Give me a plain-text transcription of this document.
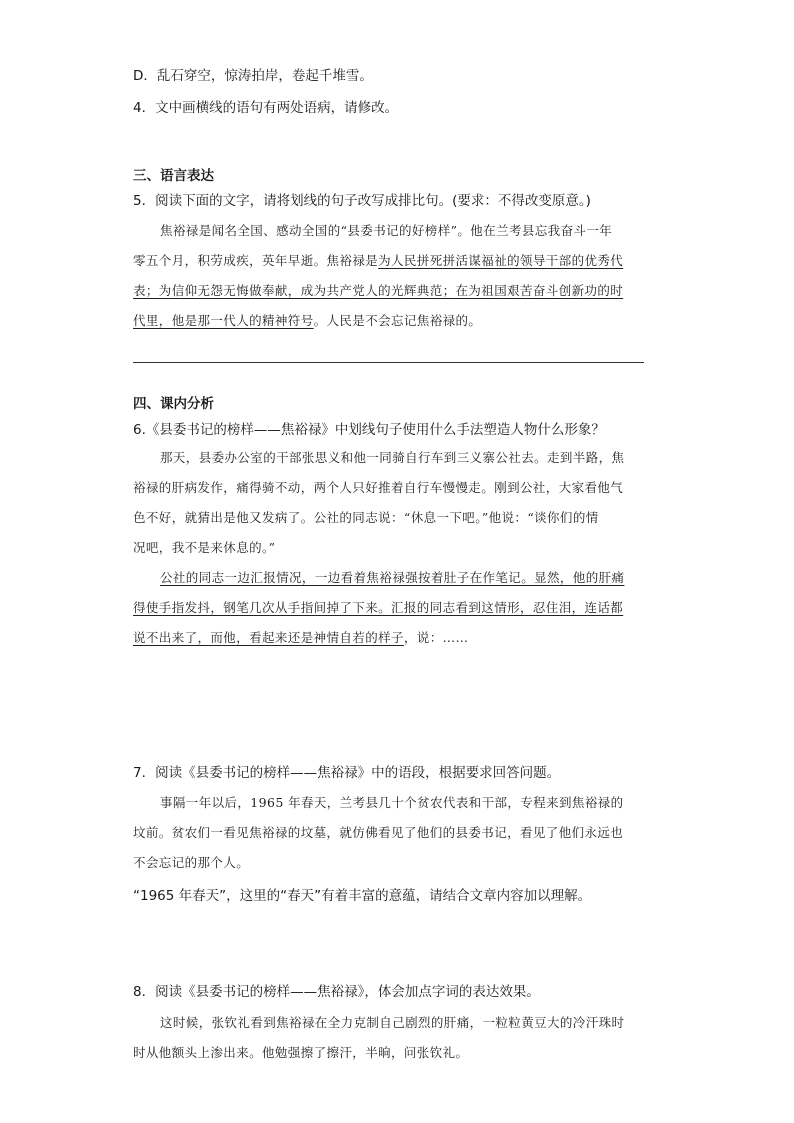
D．乱石穿空，惊涛拍岸，卷起千堆雪。
4．文中画横线的语句有两处语病，请修改。
三、语言表达
5．阅读下面的文字，请将划线的句子改写成排比句。(要求：不得改变原意。)

焦裕禄是闻名全国、感动全国的“县委书记的好榜样”。他在兰考县忘我奋斗一年

零五个月，积劳成疾，英年早逝。焦裕禄是为人民拼死拼活谋福祉的领导干部的优秀代

表；为信仰无怨无悔做奉献，成为共产党人的光辉典范；在为祖国艰苦奋斗创新功的时

代里，他是那一代人的精神符号。人民是不会忘记焦裕禄的。

四、课内分析
6.《县委书记的榜样——焦裕禄》中划线句子使用什么手法塑造人物什么形象？

那天，县委办公室的干部张思义和他一同骑自行车到三义寨公社去。走到半路，焦

裕禄的肝病发作，痛得骑不动，两个人只好推着自行车慢慢走。刚到公社，大家看他气

色不好，就猜出是他又发病了。公社的同志说：“休息一下吧。”他说：“谈你们的情

况吧，我不是来休息的。”

公社的同志一边汇报情况，一边看着焦裕禄强按着肚子在作笔记。显然，他的肝痛

得使手指发抖，钢笔几次从手指间掉了下来。汇报的同志看到这情形，忍住泪，连话都

说不出来了，而他，看起来还是神情自若的样子，说：……

7．阅读《县委书记的榜样——焦裕禄》中的语段，根据要求回答问题。

事隔一年以后，1965 年春天，兰考县几十个贫农代表和干部，专程来到焦裕禄的

坟前。贫农们一看见焦裕禄的坟墓，就仿佛看见了他们的县委书记，看见了他们永远也

不会忘记的那个人。

“1965 年春天”，这里的“春天”有着丰富的意蕴，请结合文章内容加以理解。
8．阅读《县委书记的榜样——焦裕禄》，体会加点字词的表达效果。

这时候，张钦礼看到焦裕禄在全力克制自己剧烈的肝痛，一粒粒黄豆大的冷汗珠时

时从他额头上渗出来。他勉强擦了擦汗，半晌，问张钦礼。
